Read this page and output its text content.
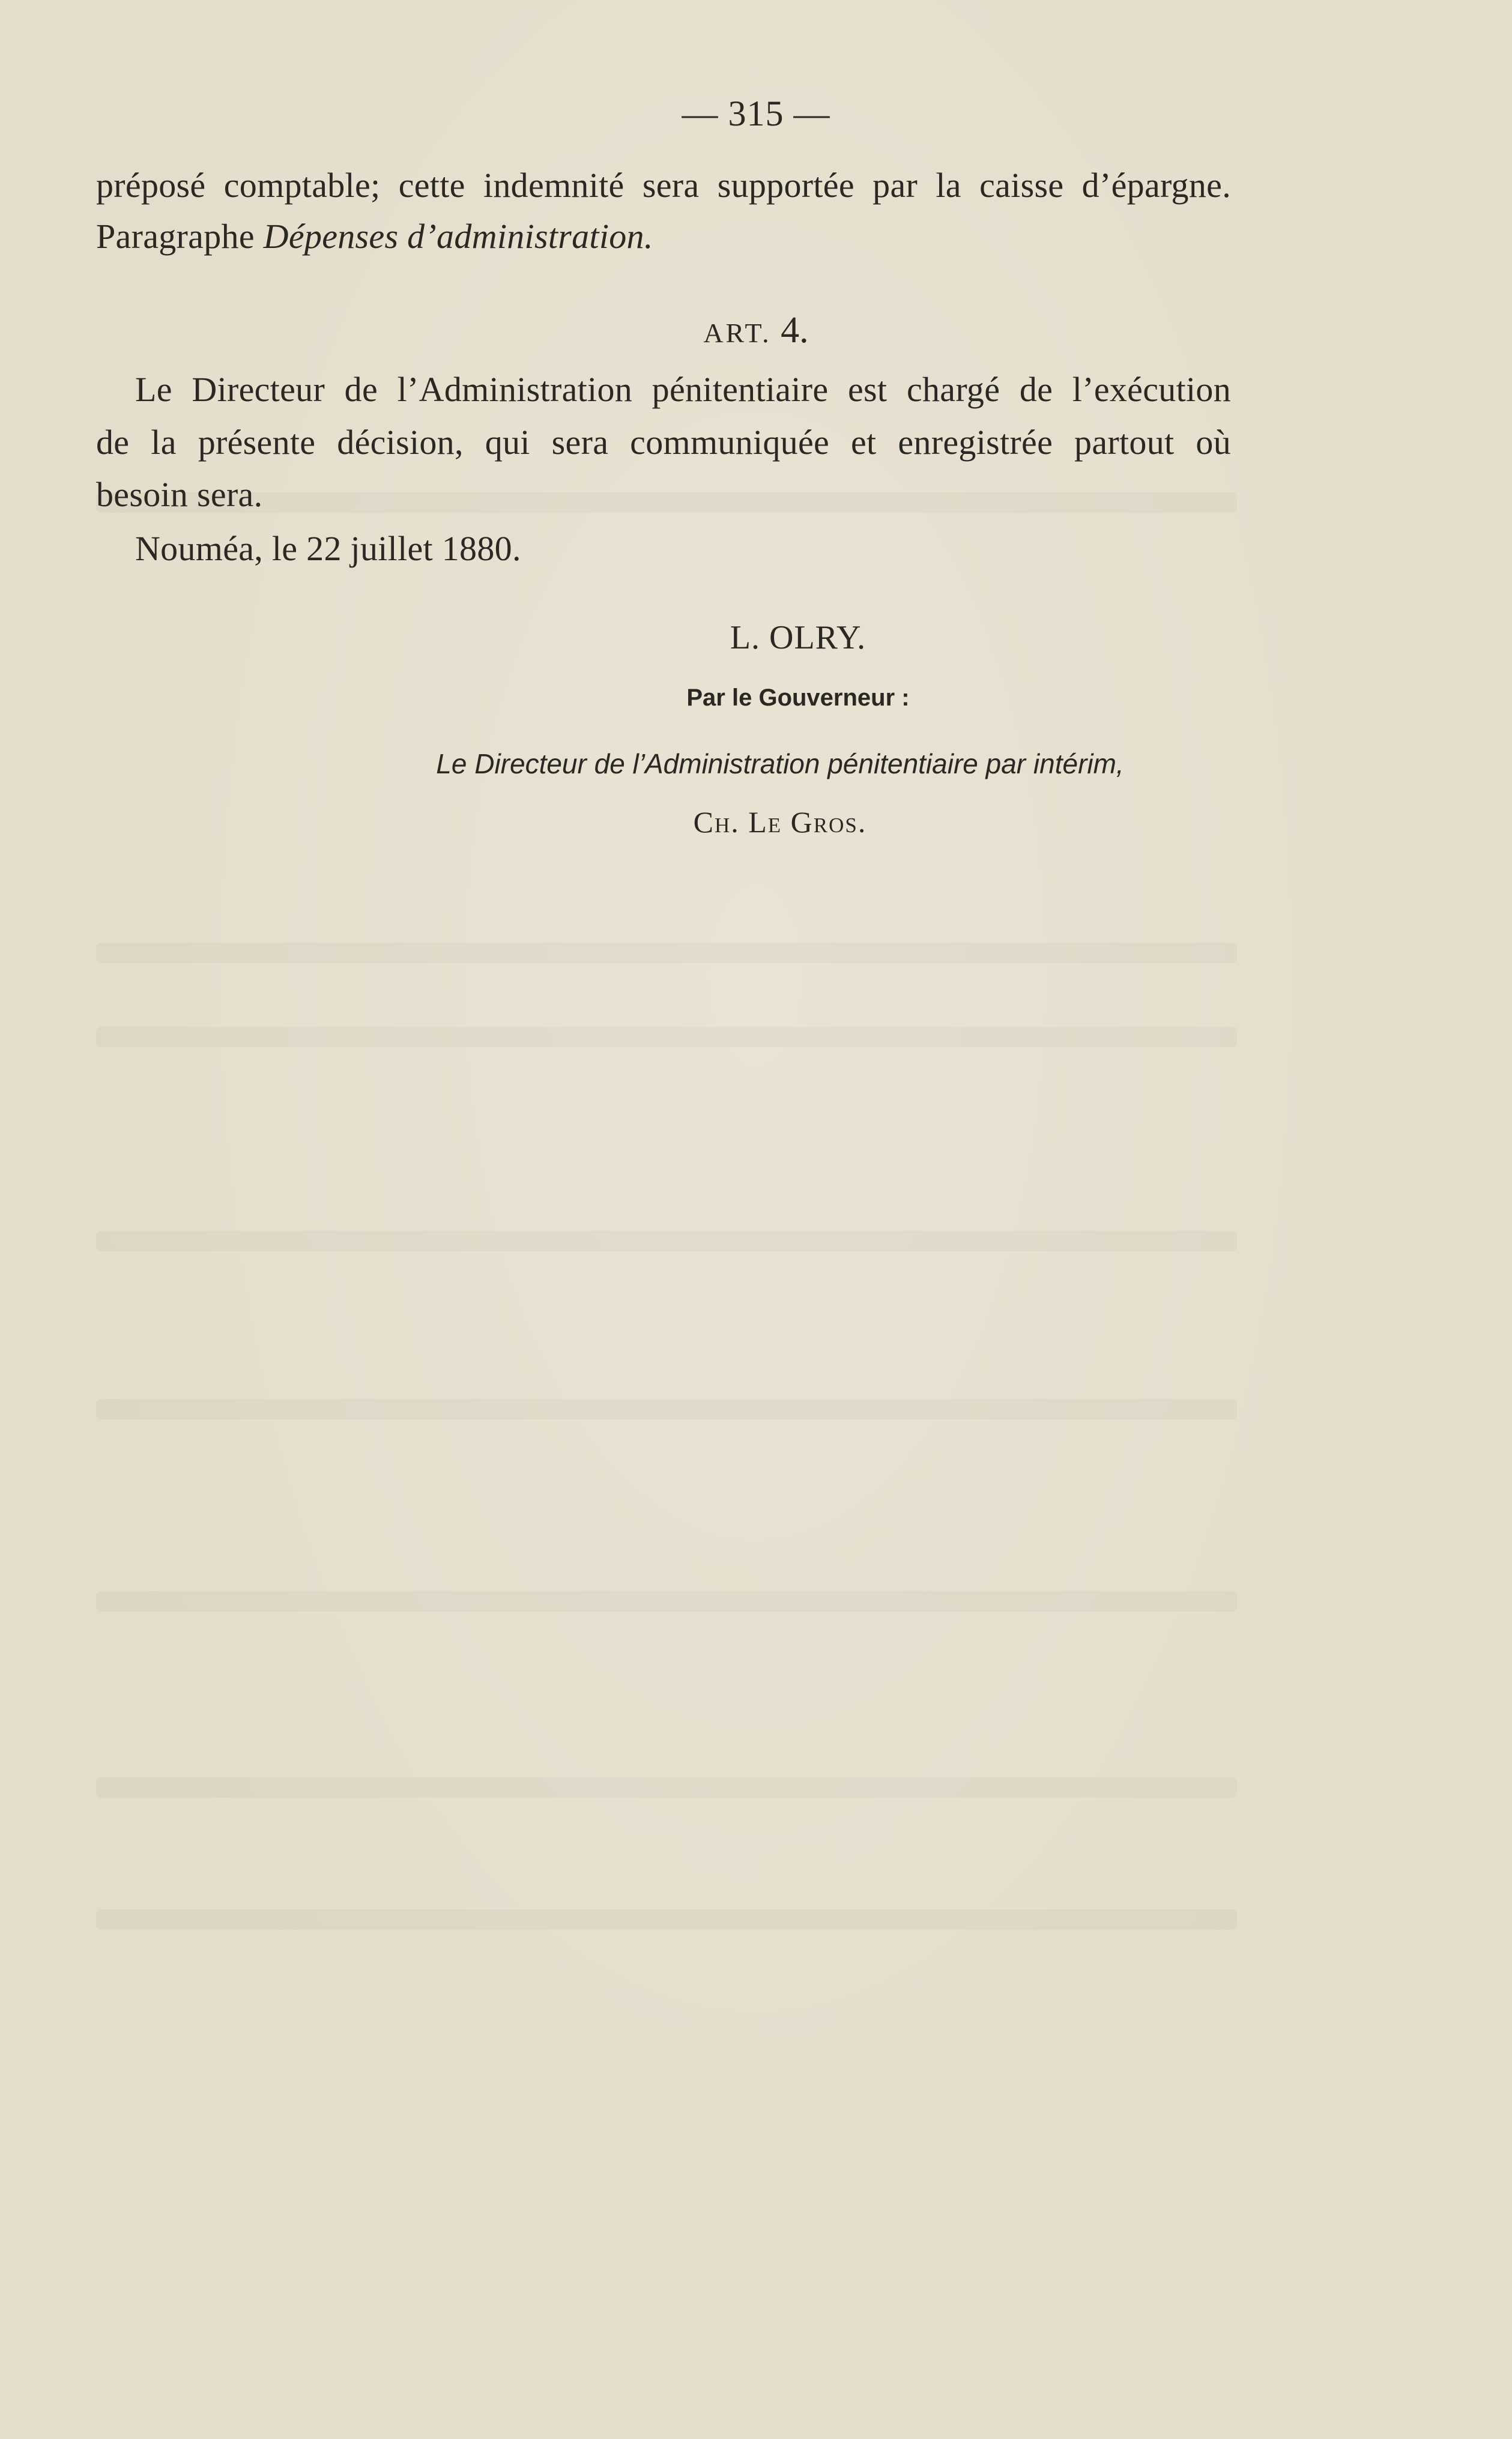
— 315 —
préposé comptable; cette indemnité sera supportée par la caisse d’épargne.
Paragraphe Dépenses d’administration.
ART. 4.
Le Directeur de l’Administration pénitentiaire est chargé de l’exécution
de la présente décision, qui sera communiquée et enregistrée partout où
besoin sera.
Nouméa, le 22 juillet 1880.
L. OLRY.
Par le Gouverneur :
Le Directeur de l’Administration pénitentiaire par intérim,
Ch. Le Gros.
